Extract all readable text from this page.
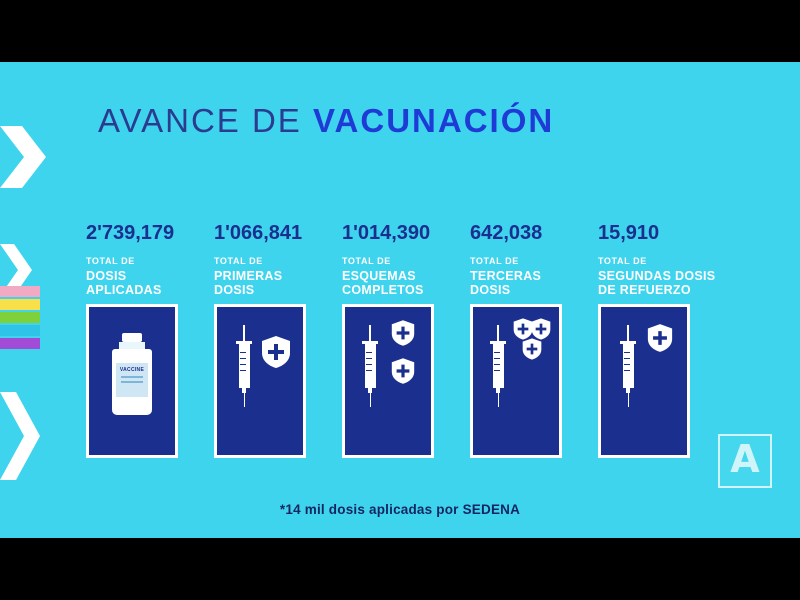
AVANCE DE VACUNACIÓN
2'739,179
TOTAL DE
DOSIS
APLICADAS
VACCINE
1'066,841
TOTAL DE
PRIMERAS
DOSIS
1'014,390
TOTAL DE
ESQUEMAS
COMPLETOS
642,038
TOTAL DE
TERCERAS
DOSIS
15,910
TOTAL DE
SEGUNDAS DOSIS
DE REFUERZO
*14 mil dosis aplicadas por SEDENA
A
